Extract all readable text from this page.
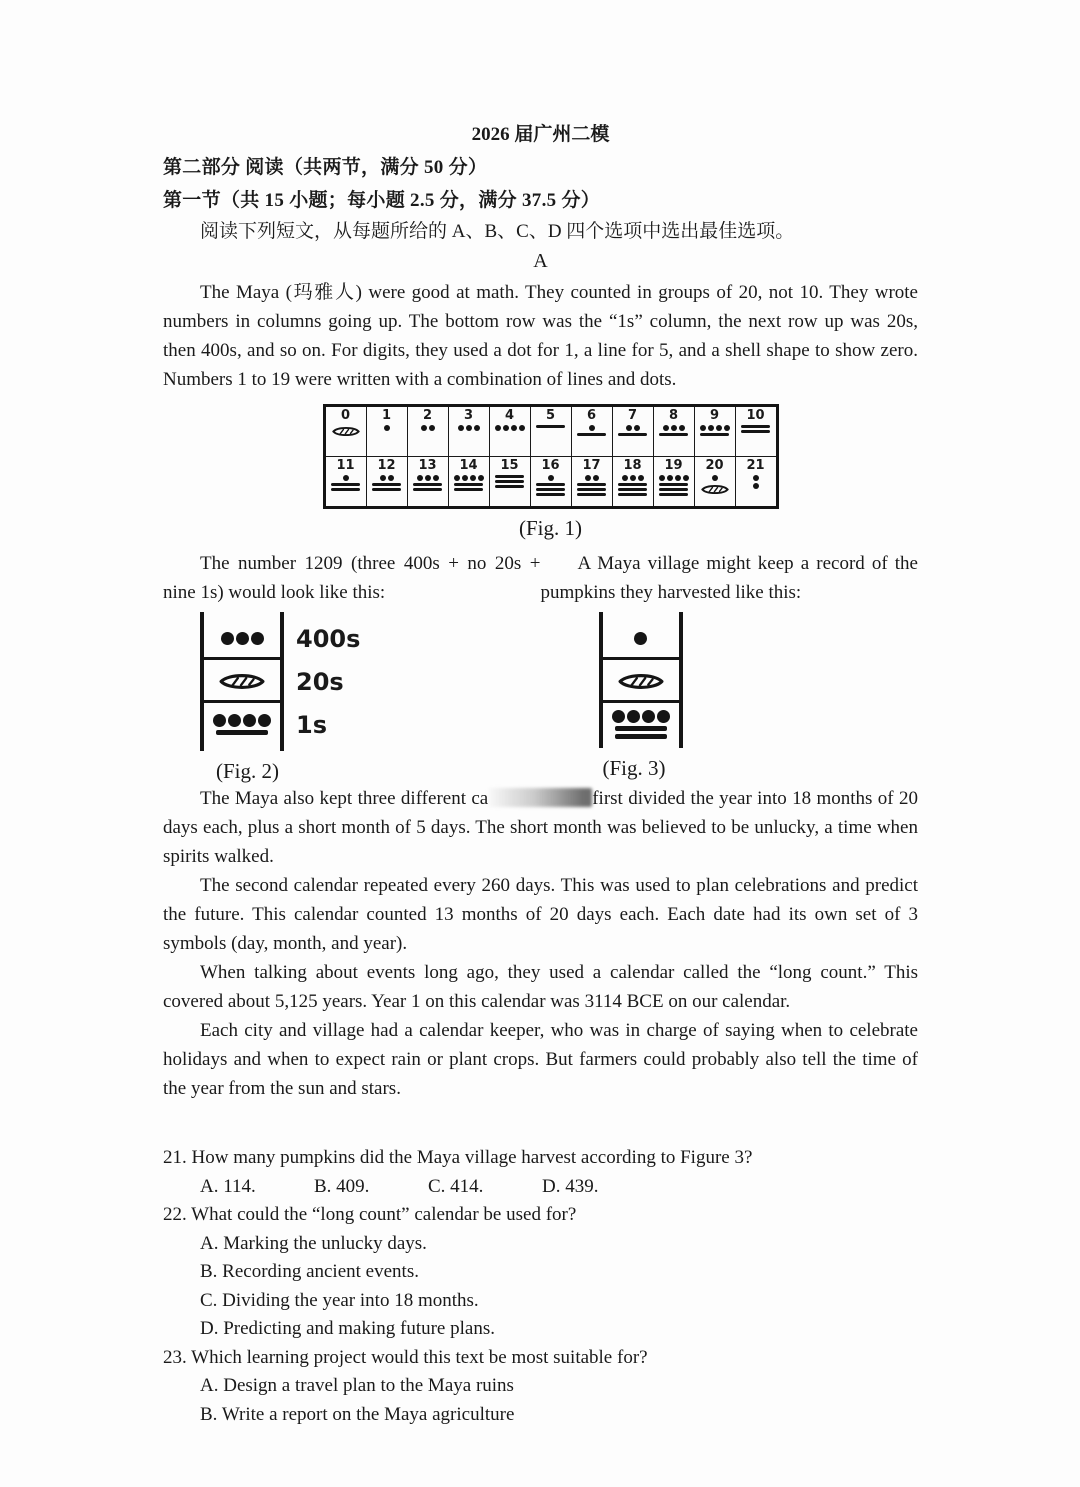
2026 届广州二模
第二部分 阅读（共两节，满分 50 分）
第一节（共 15 小题；每小题 2.5 分，满分 37.5 分）
阅读下列短文，从每题所给的 A、B、C、D 四个选项中选出最佳选项。
A

The Maya (玛雅人) were good at math. They counted in groups of 20, not 10. They wrote numbers in columns going up. The bottom row was the “1s” column, the next row up was 20s, then 400s, and so on. For digits, they used a dot for 1, a line for 5, and a shell shape to show zero. Numbers 1 to 19 were written with a combination of lines and dots.

0	1	2	3	4	5	6	7	8	9	10

11	12	13	14	15	16	17	18	19	20	21
(Fig. 1)

The number 1209 (three 400s + no 20s + nine 1s) would look like this:

400s
20s
1s
(Fig. 2)

A Maya village might keep a record of the pumpkins they harvested like this:

(Fig. 3)

The Maya also kept three different ca	first divided the year into 18 months of 20 days each, plus a short month of 5 days. The short month was believed to be unlucky, a time when spirits walked.

The second calendar repeated every 260 days. This was used to plan celebrations and predict the future. This calendar counted 13 months of 20 days each. Each date had its own set of 3 symbols (day, month, and year).

When talking about events long ago, they used a calendar called the “long count.” This covered about 5,125 years. Year 1 on this calendar was 3114 BCE on our calendar.

Each city and village had a calendar keeper, who was in charge of saying when to celebrate holidays and when to expect rain or plant crops. But farmers could probably also tell the time of the year from the sun and stars.

21. How many pumpkins did the Maya village harvest according to Figure 3?
A. 114.	B. 409.	C. 414.	D. 439.
22. What could the “long count” calendar be used for?
A. Marking the unlucky days.
B. Recording ancient events.
C. Dividing the year into 18 months.
D. Predicting and making future plans.
23. Which learning project would this text be most suitable for?
A. Design a travel plan to the Maya ruins
B. Write a report on the Maya agriculture
